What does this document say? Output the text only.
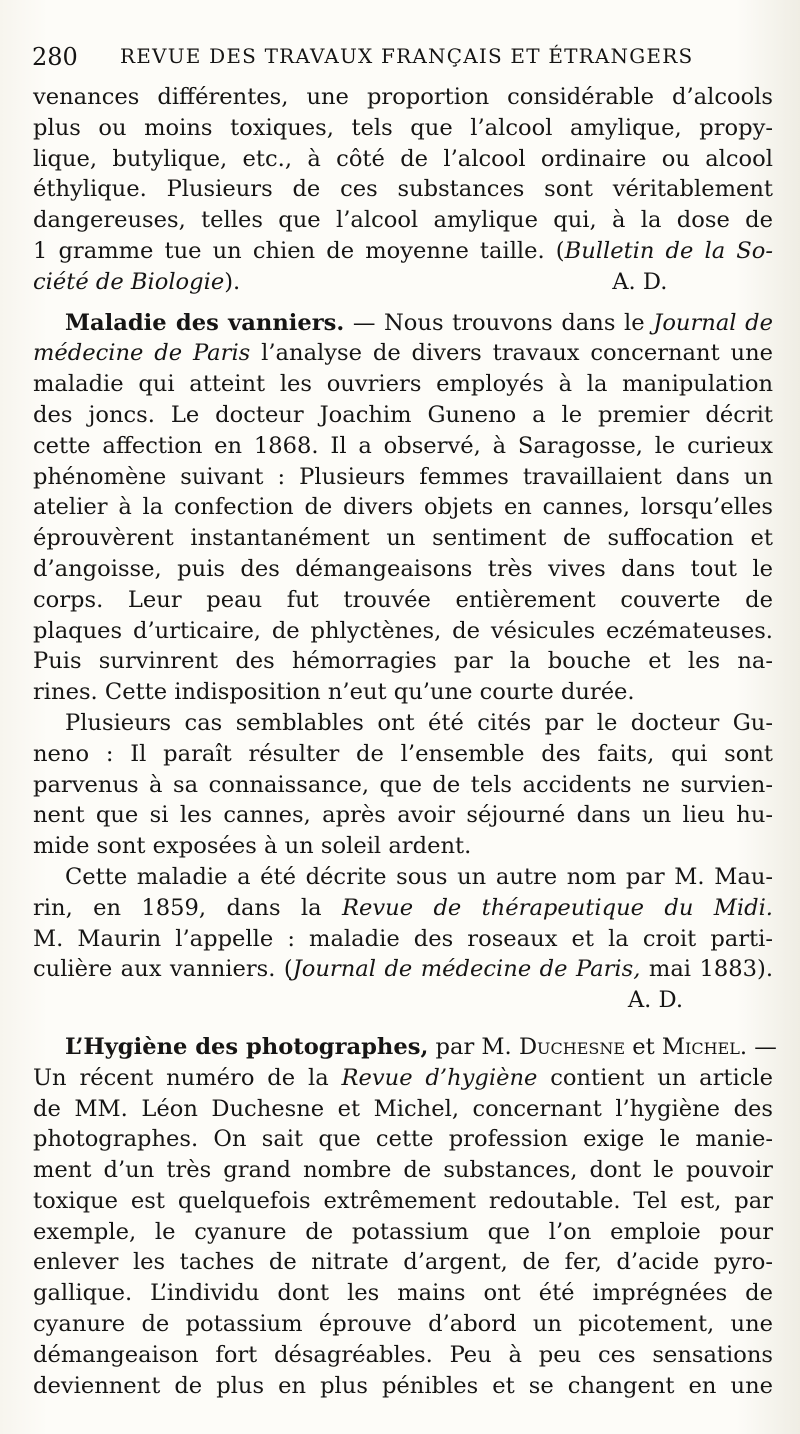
280 REVUE DES TRAVAUX FRANÇAIS ET ÉTRANGERS

venances différentes, une proportion considérable d’alcools
plus ou moins toxiques, tels que l’alcool amylique, propy-
lique, butylique, etc., à côté de l’alcool ordinaire ou alcool
éthylique. Plusieurs de ces substances sont véritablement
dangereuses, telles que l’alcool amylique qui, à la dose de
1 gramme tue un chien de moyenne taille. (Bulletin de la So-
ciété de Biologie).	A. D.

Maladie des vanniers. — Nous trouvons dans le Journal de
médecine de Paris l’analyse de divers travaux concernant une
maladie qui atteint les ouvriers employés à la manipulation
des joncs. Le docteur Joachim Guneno a le premier décrit
cette affection en 1868. Il a observé, à Saragosse, le curieux
phénomène suivant : Plusieurs femmes travaillaient dans un
atelier à la confection de divers objets en cannes, lorsqu’elles
éprouvèrent instantanément un sentiment de suffocation et
d’angoisse, puis des démangeaisons très vives dans tout le
corps. Leur peau fut trouvée entièrement couverte de
plaques d’urticaire, de phlyctènes, de vésicules eczémateuses.
Puis survinrent des hémorragies par la bouche et les na-
rines. Cette indisposition n’eut qu’une courte durée.

Plusieurs cas semblables ont été cités par le docteur Gu-
neno : Il paraît résulter de l’ensemble des faits, qui sont
parvenus à sa connaissance, que de tels accidents ne survien-
nent que si les cannes, après avoir séjourné dans un lieu hu-
mide sont exposées à un soleil ardent.

Cette maladie a été décrite sous un autre nom par M. Mau-
rin, en 1859, dans la Revue de thérapeutique du Midi.
M. Maurin l’appelle : maladie des roseaux et la croit parti-
culière aux vanniers. (Journal de médecine de Paris, mai 1883).
A. D.

L’Hygiène des photographes, par M. Duchesne et Michel. —
Un récent numéro de la Revue d’hygiène contient un article
de MM. Léon Duchesne et Michel, concernant l’hygiène des
photographes. On sait que cette profession exige le manie-
ment d’un très grand nombre de substances, dont le pouvoir
toxique est quelquefois extrêmement redoutable. Tel est, par
exemple, le cyanure de potassium que l’on emploie pour
enlever les taches de nitrate d’argent, de fer, d’acide pyro-
gallique. L’individu dont les mains ont été imprégnées de
cyanure de potassium éprouve d’abord un picotement, une
démangeaison fort désagréables. Peu à peu ces sensations
deviennent de plus en plus pénibles et se changent en une
